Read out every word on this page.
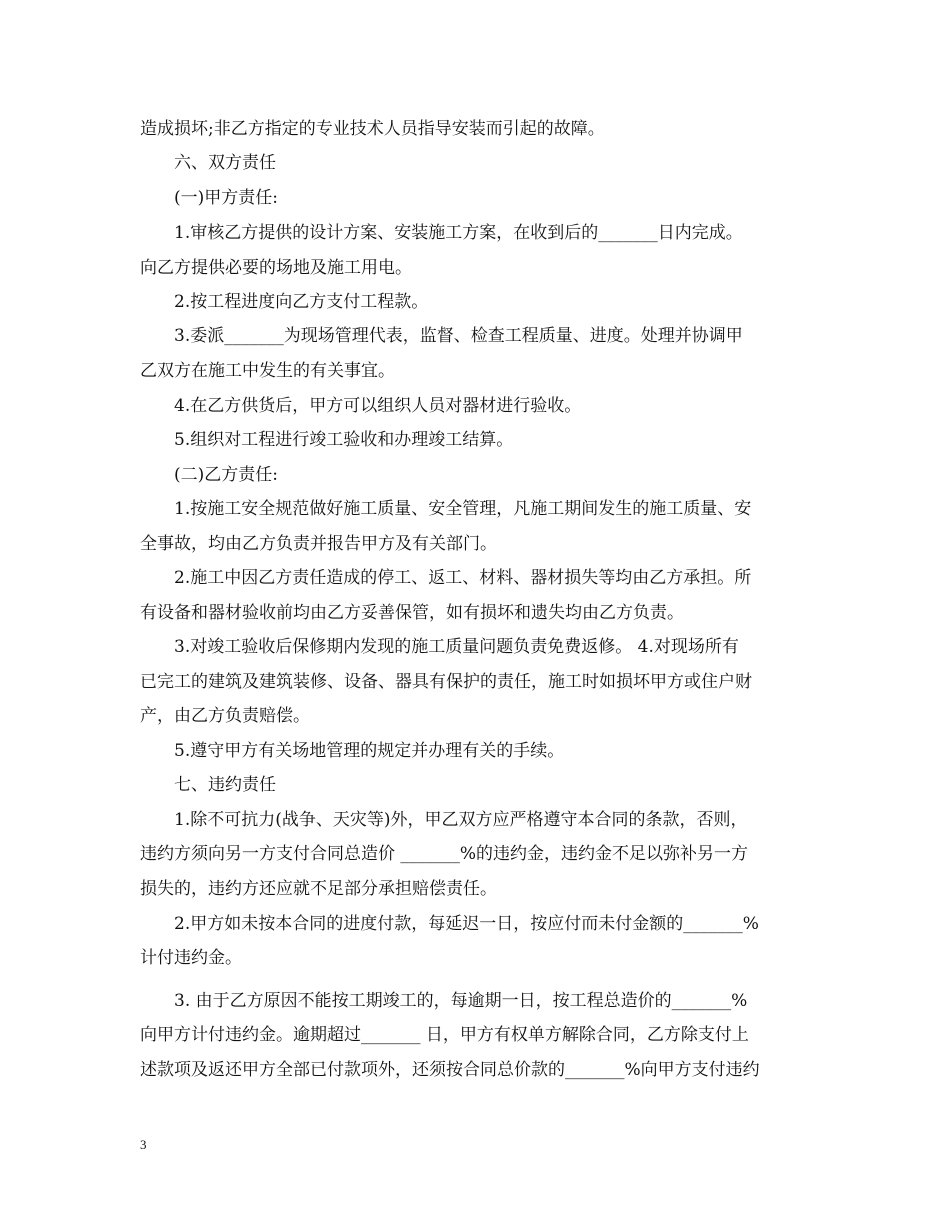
造成损坏;非乙方指定的专业技术人员指导安装而引起的故障。
六、双方责任
(一)甲方责任:
1.审核乙方提供的设计方案、安装施工方案，在收到后的_______日内完成。
向乙方提供必要的场地及施工用电。
2.按工程进度向乙方支付工程款。
3.委派_______为现场管理代表，监督、检查工程质量、进度。处理并协调甲
乙双方在施工中发生的有关事宜。
4.在乙方供货后，甲方可以组织人员对器材进行验收。
5.组织对工程进行竣工验收和办理竣工结算。
(二)乙方责任:
1.按施工安全规范做好施工质量、安全管理，凡施工期间发生的施工质量、安
全事故，均由乙方负责并报告甲方及有关部门。
2.施工中因乙方责任造成的停工、返工、材料、器材损失等均由乙方承担。所
有设备和器材验收前均由乙方妥善保管，如有损坏和遗失均由乙方负责。
3.对竣工验收后保修期内发现的施工质量问题负责免费返修。 4.对现场所有
已完工的建筑及建筑装修、设备、器具有保护的责任，施工时如损坏甲方或住户财
产，由乙方负责赔偿。
5.遵守甲方有关场地管理的规定并办理有关的手续。
七、违约责任
1.除不可抗力(战争、天灾等)外，甲乙双方应严格遵守本合同的条款，否则，
违约方须向另一方支付合同总造价 _______%的违约金，违约金不足以弥补另一方
损失的，违约方还应就不足部分承担赔偿责任。
2.甲方如未按本合同的进度付款，每延迟一日，按应付而未付金额的_______%
计付违约金。
3. 由于乙方原因不能按工期竣工的，每逾期一日，按工程总造价的_______%
向甲方计付违约金。逾期超过_______ 日，甲方有权单方解除合同，乙方除支付上
述款项及返还甲方全部已付款项外，还须按合同总价款的_______%向甲方支付违约
3
